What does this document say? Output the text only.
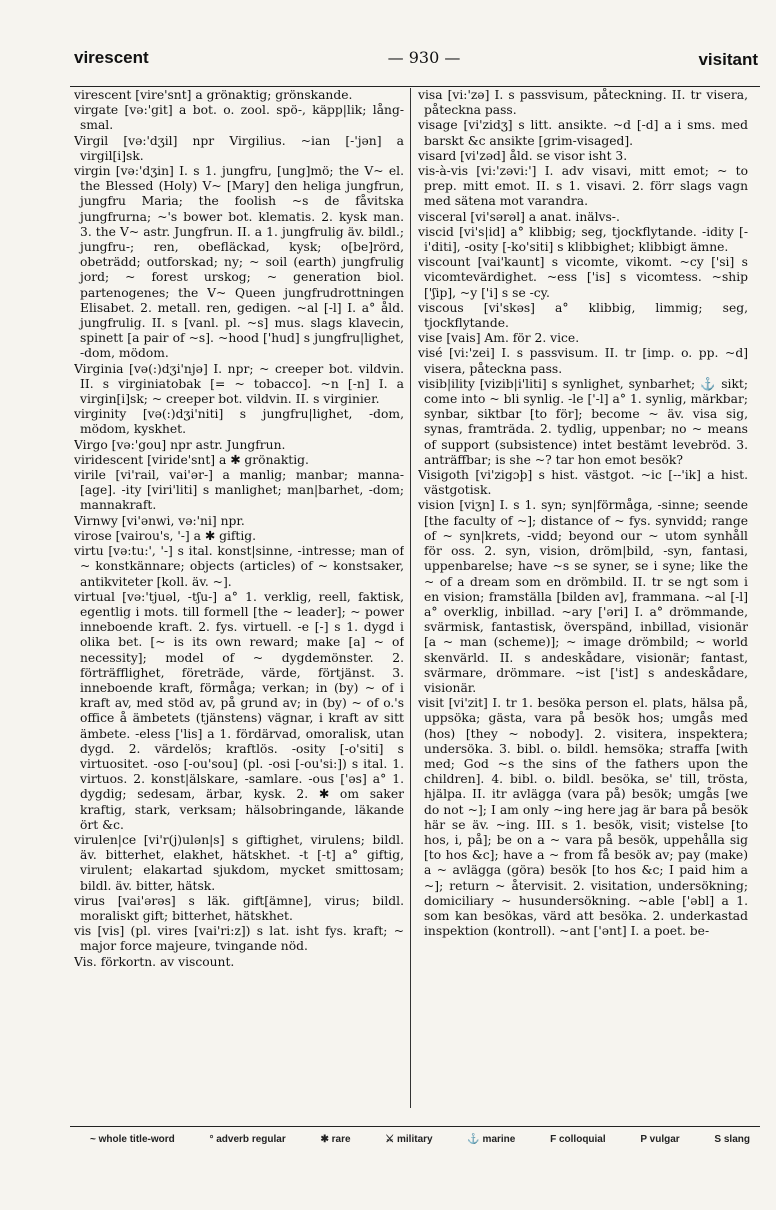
virescent	— 930 —	visitant

virescent [vire'snt] a grönaktig; grönskande.

virgate [və:'git] a bot. o. zool. spö-, käpp|lik; lång-smal.

Virgil [və:'dʒil] npr Virgilius. ~ian [-'jən] a virgil[i]sk.

virgin [və:'dʒin] I. s 1. jungfru, [ung]mö; the V~ el. the Blessed (Holy) V~ [Mary] den heliga jungfrun, jungfru Maria; the foolish ~s de fåvitska jungfrurna; ~'s bower bot. klematis. 2. kysk man. 3. the V~ astr. Jungfrun. II. a 1. jungfrulig äv. bildl.; jungfru-; ren, obefläckad, kysk; o[be]rörd, obeträdd; outforskad; ny; ~ soil (earth) jungfrulig jord; ~ forest urskog; ~ generation biol. partenogenes; the V~ Queen jungfrudrottningen Elisabet. 2. metall. ren, gedigen. ~al [-l] I. a° åld. jungfrulig. II. s [vanl. pl. ~s] mus. slags klavecin, spinett [a pair of ~s]. ~hood ['hud] s jungfru|lighet, -dom, mödom.

Virginia [və(:)dʒi'njə] I. npr; ~ creeper bot. vildvin. II. s virginiatobak [= ~ tobacco]. ~n [-n] I. a virgin[i]sk; ~ creeper bot. vildvin. II. s virginier.

virginity [və(:)dʒi'niti] s jungfru|lighet, -dom, mödom, kyskhet.

Virgo [və:'gou] npr astr. Jungfrun.

viridescent [viride'snt] a ✱ grönaktig.

virile [vi'rail, vai'ər-] a manlig; manbar; manna- [age]. -ity [viri'liti] s manlighet; man|barhet, -dom; mannakraft.

Virnwy [vi'ənwi, və:'ni] npr.

virose [vairou's, '-] a ✱ giftig.

virtu [və:tu:', '-] s ital. konst|sinne, -intresse; man of ~ konstkännare; objects (articles) of ~ konstsaker, antikviteter [koll. äv. ~].

virtual [və:'tjuəl, -tʃu-] a° 1. verklig, reell, faktisk, egentlig i mots. till formell [the ~ leader]; ~ power inneboende kraft. 2. fys. virtuell. -e [-] s 1. dygd i olika bet. [~ is its own reward; make [a] ~ of necessity]; model of ~ dygdemönster. 2. förträfflighet, företräde, värde, förtjänst. 3. inneboende kraft, förmåga; verkan; in (by) ~ of i kraft av, med stöd av, på grund av; in (by) ~ of o.'s office å ämbetets (tjänstens) vägnar, i kraft av sitt ämbete. -eless ['lis] a 1. fördärvad, omoralisk, utan dygd. 2. värdelös; kraftlös. -osity [-o'siti] s virtuositet. -oso [-ou'sou] (pl. -osi [-ou'si:]) s ital. 1. virtuos. 2. konst|älskare, -samlare. -ous ['əs] a° 1. dygdig; sedesam, ärbar, kysk. 2. ✱ om saker kraftig, stark, verksam; hälsobringande, läkande ört &c.

virulen|ce [vi'r(j)ulən|s] s giftighet, virulens; bildl. äv. bitterhet, elakhet, hätskhet. -t [-t] a° giftig, virulent; elakartad sjukdom, mycket smittosam; bildl. äv. bitter, hätsk.

virus [vai'ərəs] s läk. gift[ämne], virus; bildl. moraliskt gift; bitterhet, hätskhet.

vis [vis] (pl. vires [vai'ri:z]) s lat. isht fys. kraft; ~ major force majeure, tvingande nöd.

Vis. förkortn. av viscount.

visa [vi:'zə] I. s passvisum, påteckning. II. tr visera, påteckna pass.

visage [vi'zidʒ] s litt. ansikte. ~d [-d] a i sms. med barskt &c ansikte [grim-visaged].

visard [vi'zəd] åld. se visor isht 3.

vis-à-vis [vi:'zəvi:'] I. adv visavi, mitt emot; ~ to prep. mitt emot. II. s 1. visavi. 2. förr slags vagn med sätena mot varandra.

visceral [vi'sərəl] a anat. inälvs-.

viscid [vi's|id] a° klibbig; seg, tjockflytande. -idity [-i'diti], -osity [-ko'siti] s klibbighet; klibbigt ämne.

viscount [vai'kaunt] s vicomte, vikomt. ~cy ['si] s vicomtevärdighet. ~ess ['is] s vicomtess. ~ship ['ʃip], ~y ['i] s se -cy.

viscous [vi'skəs] a° klibbig, limmig; seg, tjockflytande.

vise [vais] Am. för 2. vice.

visé [vi:'zei] I. s passvisum. II. tr [imp. o. pp. ~d] visera, påteckna pass.

visib|ility [vizib|i'liti] s synlighet, synbarhet; ⚓ sikt; come into ~ bli synlig. -le ['-l] a° 1. synlig, märkbar; synbar, siktbar [to för]; become ~ äv. visa sig, synas, framträda. 2. tydlig, uppenbar; no ~ means of support (subsistence) intet bestämt levebröd. 3. anträffbar; is she ~? tar hon emot besök?

Visigoth [vi'zigɔþ] s hist. västgot. ~ic [--'ik] a hist. västgotisk.

vision [viʒn] I. s 1. syn; syn|förmåga, -sinne; seende [the faculty of ~]; distance of ~ fys. synvidd; range of ~ syn|krets, -vidd; beyond our ~ utom synhåll för oss. 2. syn, vision, dröm|bild, -syn, fantasi, uppenbarelse; have ~s se syner, se i syne; like the ~ of a dream som en drömbild. II. tr se ngt som i en vision; framställa [bilden av], frammana. ~al [-l] a° overklig, inbillad. ~ary ['əri] I. a° drömmande, svärmisk, fantastisk, överspänd, inbillad, visionär [a ~ man (scheme)]; ~ image drömbild; ~ world skenvärld. II. s andeskådare, visionär; fantast, svärmare, drömmare. ~ist ['ist] s andeskådare, visionär.

visit [vi'zit] I. tr 1. besöka person el. plats, hälsa på, uppsöka; gästa, vara på besök hos; umgås med (hos) [they ~ nobody]. 2. visitera, inspektera; undersöka. 3. bibl. o. bildl. hemsöka; straffa [with med; God ~s the sins of the fathers upon the children]. 4. bibl. o. bildl. besöka, se' till, trösta, hjälpa. II. itr avlägga (vara på) besök; umgås [we do not ~]; I am only ~ing here jag är bara på besök här se äv. ~ing. III. s 1. besök, visit; vistelse [to hos, i, på]; be on a ~ vara på besök, uppehålla sig [to hos &c]; have a ~ from få besök av; pay (make) a ~ avlägga (göra) besök [to hos &c; I paid him a ~]; return ~ återvisit. 2. visitation, undersökning; domiciliary ~ husundersökning. ~able ['əbl] a 1. som kan besökas, värd att besöka. 2. underkastad inspektion (kontroll). ~ant ['ənt] I. a poet. be-

~ whole title-word	° adverb regular	✱ rare	⚔ military	⚓ marine	F colloquial	P vulgar	S slang
